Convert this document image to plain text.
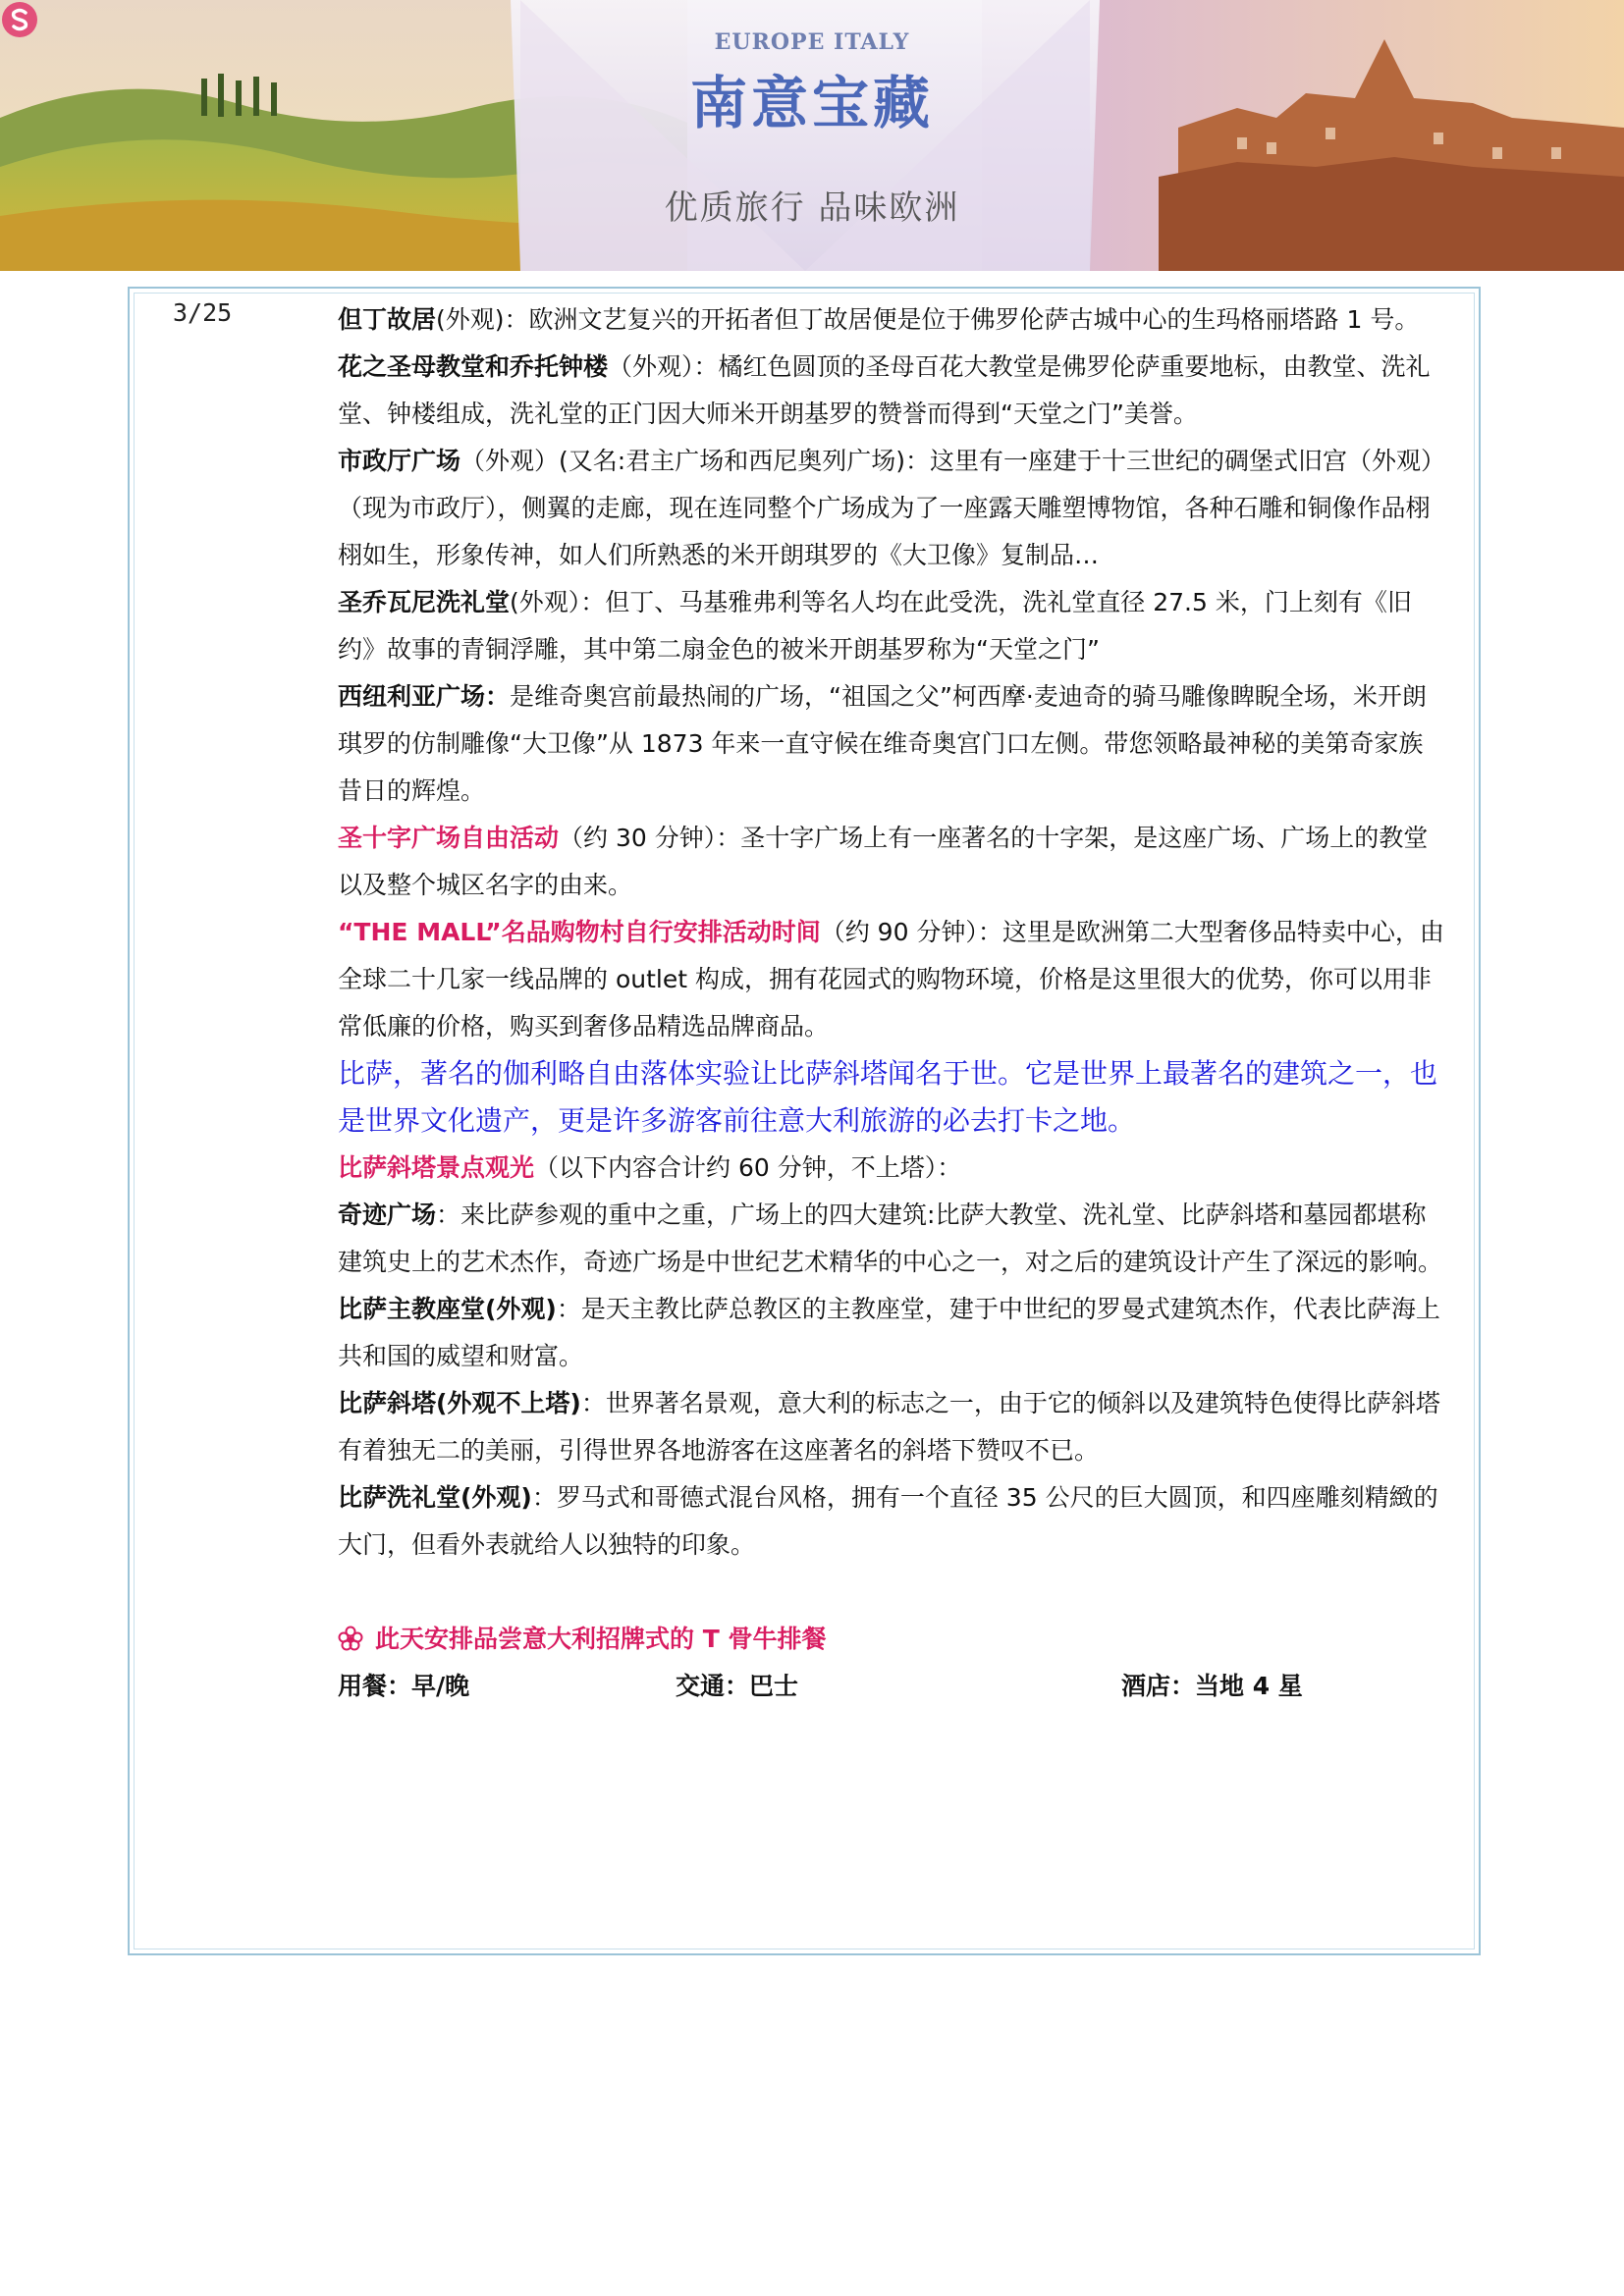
EUROPE ITALY
南意宝藏
优质旅行 品味欧洲
3/25	但丁故居(外观)：欧洲文艺复兴的开拓者但丁故居便是位于佛罗伦萨古城中心的生玛格丽塔路 1 号。

花之圣母教堂和乔托钟楼（外观）：橘红色圆顶的圣母百花大教堂是佛罗伦萨重要地标，由教堂、洗礼堂、钟楼组成，洗礼堂的正门因大师米开朗基罗的赞誉而得到“天堂之门”美誉。

市政厅广场（外观）(又名:君主广场和西尼奥列广场)：这里有一座建于十三世纪的碉堡式旧宫（外观）（现为市政厅），侧翼的走廊，现在连同整个广场成为了一座露天雕塑博物馆，各种石雕和铜像作品栩栩如生，形象传神，如人们所熟悉的米开朗琪罗的《大卫像》复制品…

圣乔瓦尼洗礼堂(外观）：但丁、马基雅弗利等名人均在此受洗，洗礼堂直径 27.5 米，门上刻有《旧约》故事的青铜浮雕，其中第二扇金色的被米开朗基罗称为“天堂之门”

西纽利亚广场：是维奇奥宫前最热闹的广场，“祖国之父”柯西摩·麦迪奇的骑马雕像睥睨全场，米开朗琪罗的仿制雕像“大卫像”从 1873 年来一直守候在维奇奥宫门口左侧。带您领略最神秘的美第奇家族昔日的辉煌。

圣十字广场自由活动（约 30 分钟）：圣十字广场上有一座著名的十字架，是这座广场、广场上的教堂以及整个城区名字的由来。

“THE MALL”名品购物村自行安排活动时间（约 90 分钟）：这里是欧洲第二大型奢侈品特卖中心，由全球二十几家一线品牌的 outlet 构成，拥有花园式的购物环境，价格是这里很大的优势，你可以用非常低廉的价格，购买到奢侈品精选品牌商品。

比萨，著名的伽利略自由落体实验让比萨斜塔闻名于世。它是世界上最著名的建筑之一，也是世界文化遗产，更是许多游客前往意大利旅游的必去打卡之地。

比萨斜塔景点观光（以下内容合计约 60 分钟，不上塔）：

奇迹广场：来比萨参观的重中之重，广场上的四大建筑:比萨大教堂、洗礼堂、比萨斜塔和墓园都堪称建筑史上的艺术杰作，奇迹广场是中世纪艺术精华的中心之一，对之后的建筑设计产生了深远的影响。

比萨主教座堂(外观)：是天主教比萨总教区的主教座堂，建于中世纪的罗曼式建筑杰作，代表比萨海上共和国的威望和财富。

比萨斜塔(外观不上塔)：世界著名景观，意大利的标志之一，由于它的倾斜以及建筑特色使得比萨斜塔有着独无二的美丽，引得世界各地游客在这座著名的斜塔下赞叹不已。

比萨洗礼堂(外观)：罗马式和哥德式混台风格，拥有一个直径 35 公尺的巨大圆顶，和四座雕刻精緻的大门，但看外表就给人以独特的印象。

此天安排品尝意大利招牌式的 T 骨牛排餐

用餐：早/晚	交通：巴士	酒店：当地 4 星
